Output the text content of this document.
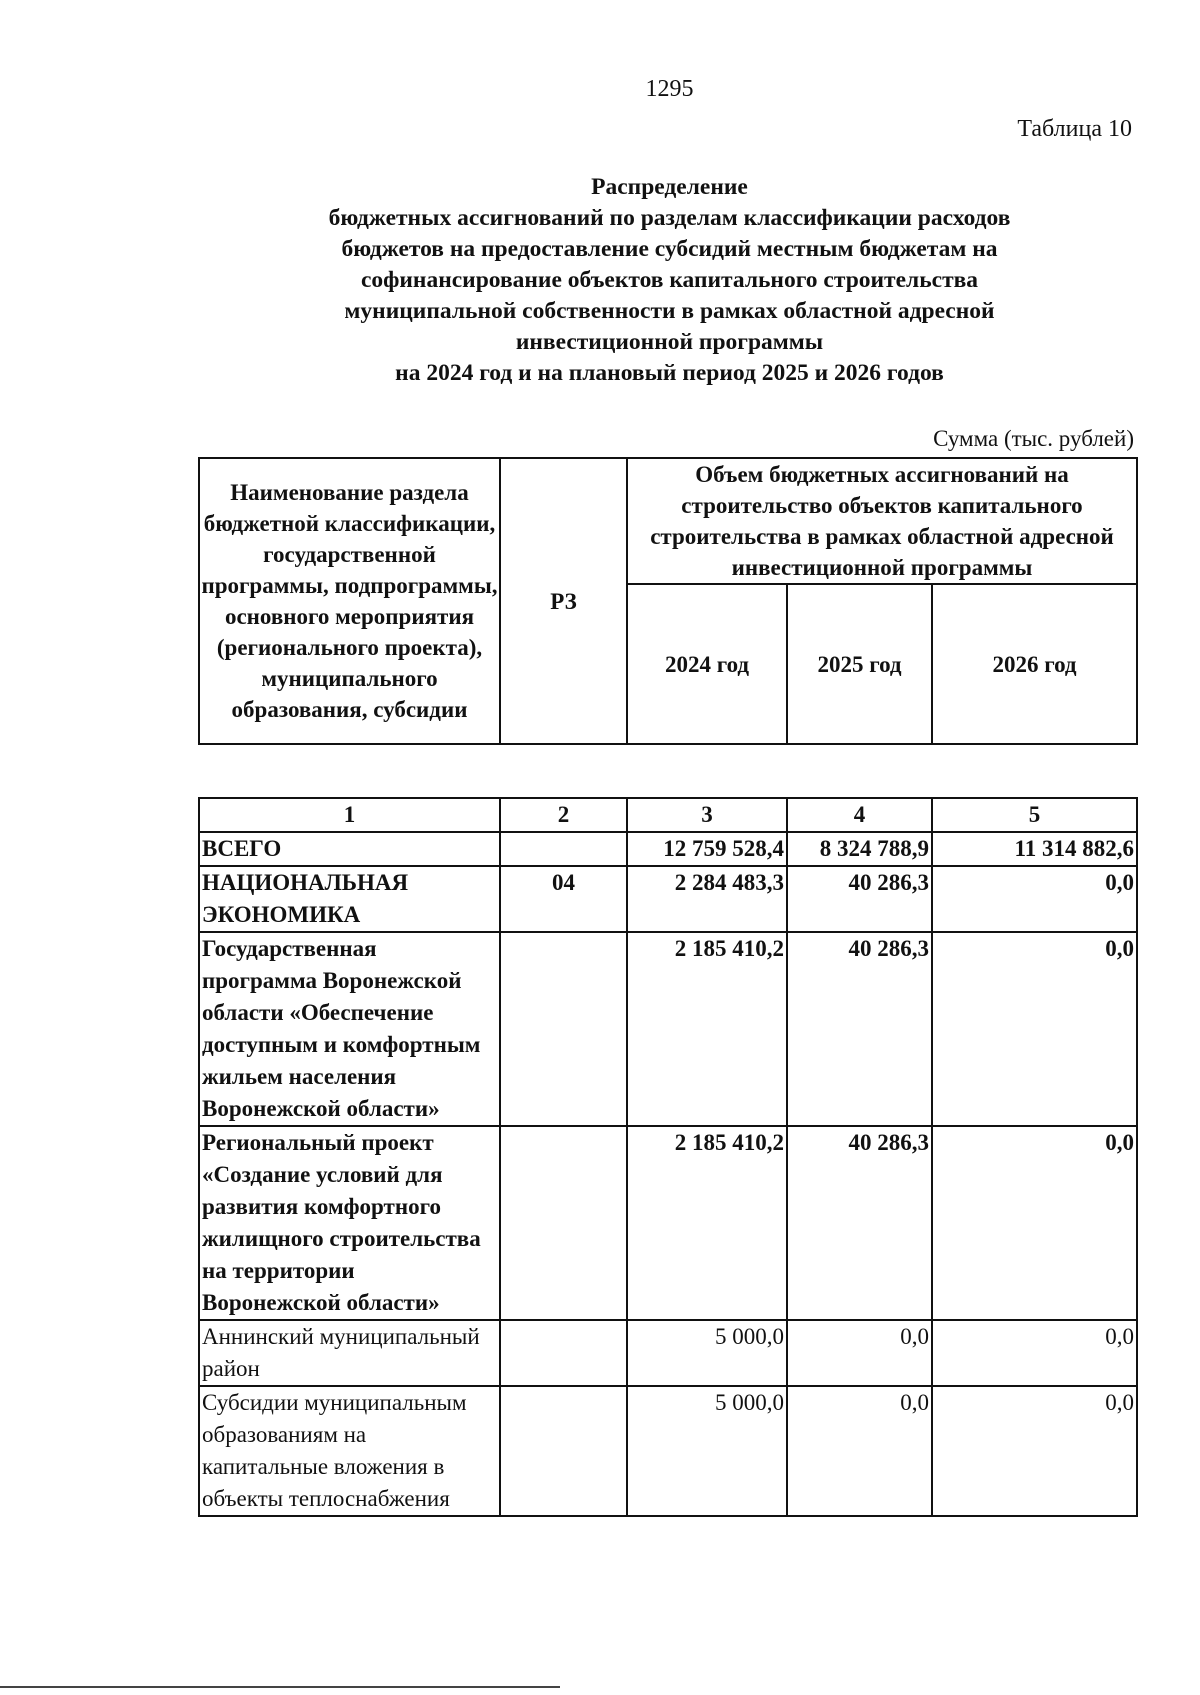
1295
Таблица 10
Распределение
бюджетных ассигнований по разделам классификации расходов
бюджетов на предоставление субсидий местным бюджетам на
софинансирование объектов капитального строительства
муниципальной собственности в рамках областной адресной
инвестиционной программы
на 2024 год и на плановый период 2025 и 2026 годов
Сумма (тыс. рублей)
Наименование раздела бюджетной классификации, государственной программы, подпрограммы, основного мероприятия (регионального проекта), муниципального образования, субсидии	РЗ	Объем бюджетных ассигнований на строительство объектов капитального строительства в рамках областной адресной инвестиционной программы		
		2024 год	2025 год	2026 год
1	2	3	4	5
ВСЕГО		12 759 528,4	8 324 788,9	11 314 882,6
НАЦИОНАЛЬНАЯ ЭКОНОМИКА	04	2 284 483,3	40 286,3	0,0
Государственная программа Воронежской области «Обеспечение доступным и комфортным жильем населения Воронежской области»		2 185 410,2	40 286,3	0,0
Региональный проект «Создание условий для развития комфортного жилищного строительства на территории Воронежской области»		2 185 410,2	40 286,3	0,0
Аннинский муниципальный район		5 000,0	0,0	0,0
Субсидии муниципальным образованиям на капитальные вложения в объекты теплоснабжения		5 000,0	0,0	0,0
